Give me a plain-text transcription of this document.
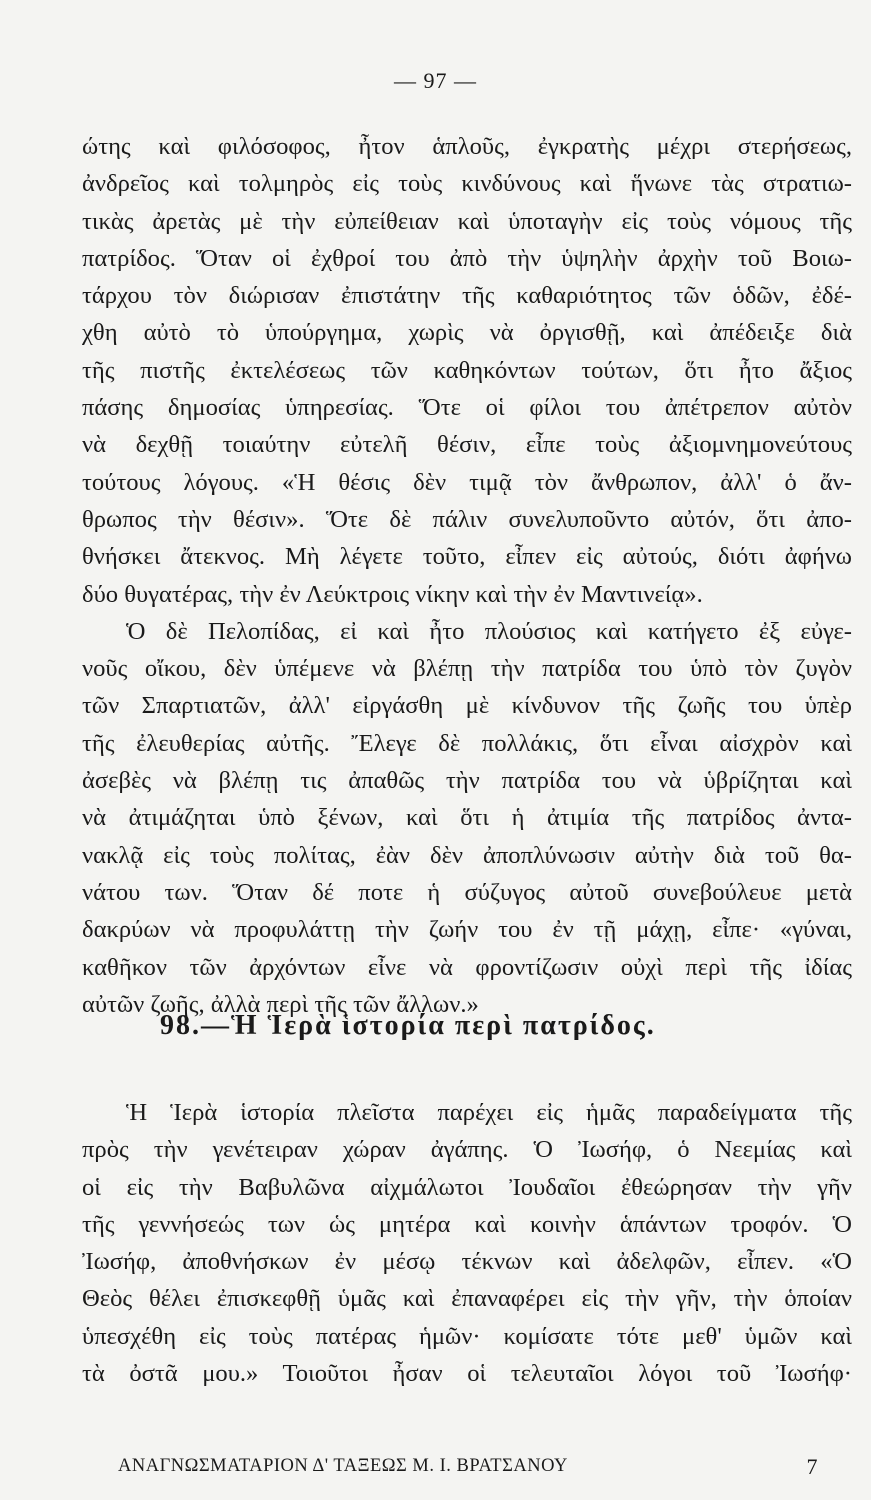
— 97 —
ώτης καὶ φιλόσοφος, ἦτον ἁπλοῦς, ἐγκρατὴς μέχρι στερήσεως,
ἀνδρεῖος καὶ τολμηρὸς εἰς τοὺς κινδύνους καὶ ἥνωνε τὰς στρατιω-
τικὰς ἀρετὰς μὲ τὴν εὐπείθειαν καὶ ὑποταγὴν εἰς τοὺς νόμους τῆς
πατρίδος. Ὅταν οἱ ἐχθροί του ἀπὸ τὴν ὑψηλὴν ἀρχὴν τοῦ Βοιω-
τάρχου τὸν διώρισαν ἐπιστάτην τῆς καθαριότητος τῶν ὁδῶν, ἐδέ-
χθη αὐτὸ τὸ ὑπούργημα, χωρὶς νὰ ὀργισθῇ, καὶ ἀπέδειξε διὰ
τῆς πιστῆς ἐκτελέσεως τῶν καθηκόντων τούτων, ὅτι ἦτο ἄξιος
πάσης δημοσίας ὑπηρεσίας. Ὅτε οἱ φίλοι του ἀπέτρεπον αὐτὸν
νὰ δεχθῇ τοιαύτην εὐτελῆ θέσιν, εἶπε τοὺς ἀξιομνημονεύτους
τούτους λόγους. «Ἡ θέσις δὲν τιμᾷ τὸν ἄνθρωπον, ἀλλ' ὁ ἄν-
θρωπος τὴν θέσιν». Ὅτε δὲ πάλιν συνελυποῦντο αὐτόν, ὅτι ἀπο-
θνήσκει ἄτεκνος. Μὴ λέγετε τοῦτο, εἶπεν εἰς αὐτούς, διότι ἀφήνω
δύο θυγατέρας, τὴν ἐν Λεύκτροις νίκην καὶ τὴν ἐν Μαντινείᾳ».
Ὁ δὲ Πελοπίδας, εἰ καὶ ἦτο πλούσιος καὶ κατήγετο ἐξ εὐγε-
νοῦς οἴκου, δὲν ὑπέμενε νὰ βλέπῃ τὴν πατρίδα του ὑπὸ τὸν ζυγὸν
τῶν Σπαρτιατῶν, ἀλλ' εἰργάσθη μὲ κίνδυνον τῆς ζωῆς του ὑπὲρ
τῆς ἐλευθερίας αὐτῆς. Ἔλεγε δὲ πολλάκις, ὅτι εἶναι αἰσχρὸν καὶ
ἀσεβὲς νὰ βλέπῃ τις ἀπαθῶς τὴν πατρίδα του νὰ ὑβρίζηται καὶ
νὰ ἀτιμάζηται ὑπὸ ξένων, καὶ ὅτι ἡ ἀτιμία τῆς πατρίδος ἀντα-
νακλᾷ εἰς τοὺς πολίτας, ἐὰν δὲν ἀποπλύνωσιν αὐτὴν διὰ τοῦ θα-
νάτου των. Ὅταν δέ ποτε ἡ σύζυγος αὐτοῦ συνεβούλευε μετὰ
δακρύων νὰ προφυλάττῃ τὴν ζωήν του ἐν τῇ μάχῃ, εἶπε· «γύναι,
καθῆκον τῶν ἀρχόντων εἶνε νὰ φροντίζωσιν οὐχὶ περὶ τῆς ἰδίας
αὐτῶν ζωῆς, ἀλλὰ περὶ τῆς τῶν ἄλλων.»
98.—Ἡ Ἱερὰ ἱστορία περὶ πατρίδος.
Ἡ Ἱερὰ ἱστορία πλεῖστα παρέχει εἰς ἡμᾶς παραδείγματα τῆς
πρὸς τὴν γενέτειραν χώραν ἀγάπης. Ὁ Ἰωσήφ, ὁ Νεεμίας καὶ
οἱ εἰς τὴν Βαβυλῶνα αἰχμάλωτοι Ἰουδαῖοι ἐθεώρησαν τὴν γῆν
τῆς γεννήσεώς των ὡς μητέρα καὶ κοινὴν ἁπάντων τροφόν. Ὁ
Ἰωσήφ, ἀποθνήσκων ἐν μέσῳ τέκνων καὶ ἀδελφῶν, εἶπεν. «Ὁ
Θεὸς θέλει ἐπισκεφθῇ ὑμᾶς καὶ ἐπαναφέρει εἰς τὴν γῆν, τὴν ὁποίαν
ὑπεσχέθη εἰς τοὺς πατέρας ἡμῶν· κομίσατε τότε μεθ' ὑμῶν καὶ
τὰ ὀστᾶ μου.» Τοιοῦτοι ἦσαν οἱ τελευταῖοι λόγοι τοῦ Ἰωσήφ·
ΑΝΑΓΝΩΣΜΑΤΑΡΙΟΝ Δ' ΤΑΞΕΩΣ Μ. Ι. ΒΡΑΤΣΑΝΟΥ	7
